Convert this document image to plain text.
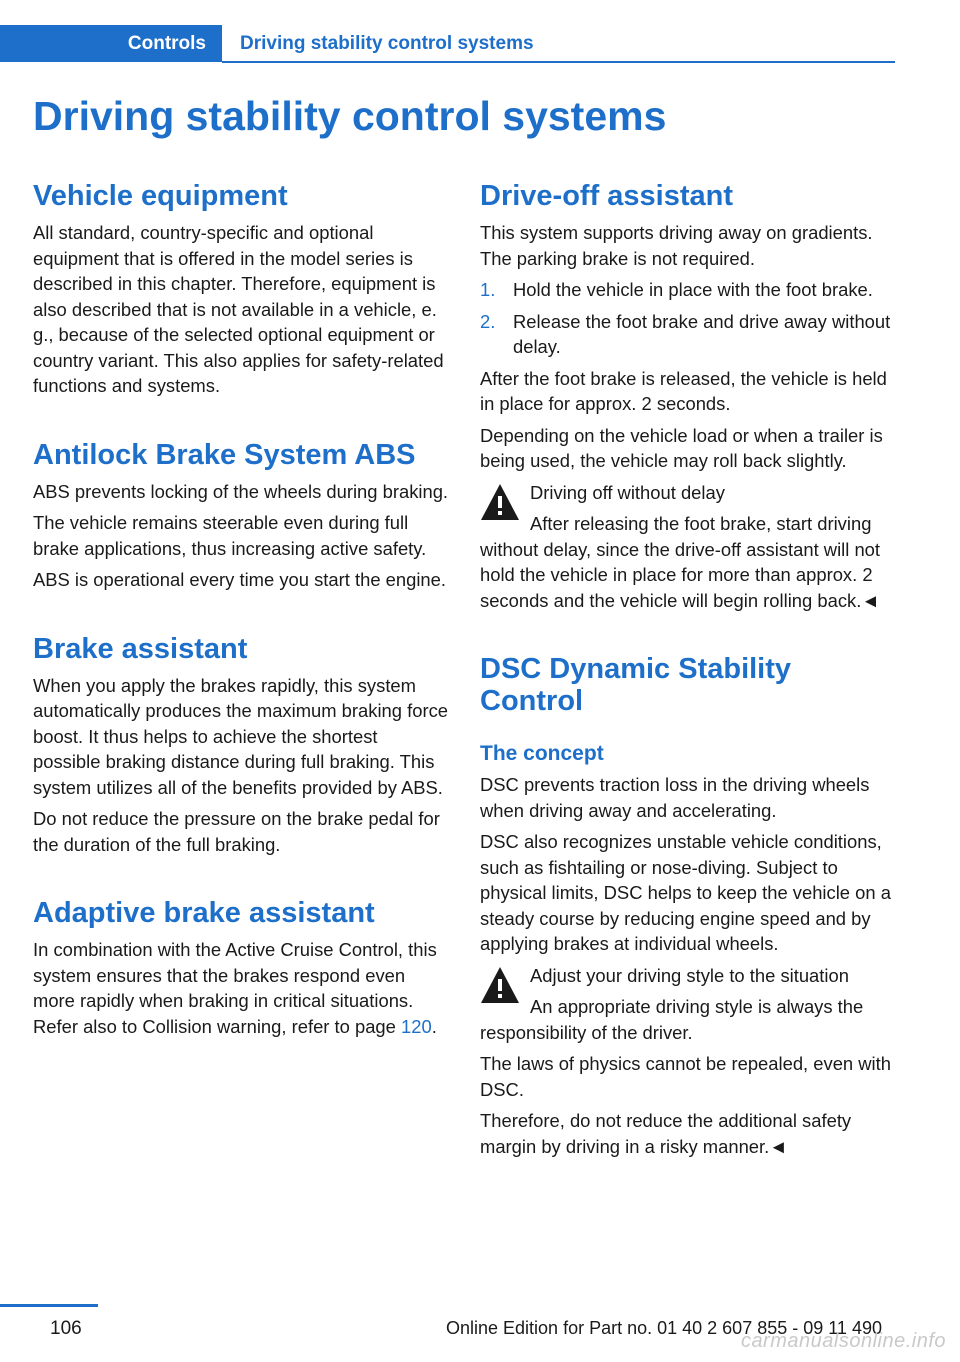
Controls Driving stability control systems
Driving stability control systems
Vehicle equipment

All standard, country-specific and optional equipment that is offered in the model series is described in this chapter. Therefore, equipment is also described that is not available in a vehicle, e. g., because of the selected optional equipment or country variant. This also applies for safety-related functions and systems.

Antilock Brake System ABS

ABS prevents locking of the wheels during braking.

The vehicle remains steerable even during full brake applications, thus increasing active safety.

ABS is operational every time you start the engine.

Brake assistant

When you apply the brakes rapidly, this system automatically produces the maximum braking force boost. It thus helps to achieve the shortest possible braking distance during full braking. This system utilizes all of the benefits provided by ABS.

Do not reduce the pressure on the brake pedal for the duration of the full braking.

Adaptive brake assistant

In combination with the Active Cruise Control, this system ensures that the brakes respond even more rapidly when braking in critical situations. Refer also to Collision warning, refer to page 120.

Drive-off assistant

This system supports driving away on gradients. The parking brake is not required.

1. Hold the vehicle in place with the foot brake.
2. Release the foot brake and drive away without delay.

After the foot brake is released, the vehicle is held in place for approx. 2 seconds.

Depending on the vehicle load or when a trailer is being used, the vehicle may roll back slightly.

Driving off without delay
After releasing the foot brake, start driving without delay, since the drive-off assistant will not hold the vehicle in place for more than approx. 2 seconds and the vehicle will begin rolling back.◄
DSC Dynamic Stability Control
The concept

DSC prevents traction loss in the driving wheels when driving away and accelerating.

DSC also recognizes unstable vehicle conditions, such as fishtailing or nose-diving. Subject to physical limits, DSC helps to keep the vehicle on a steady course by reducing engine speed and by applying brakes at individual wheels.

Adjust your driving style to the situation
An appropriate driving style is always the responsibility of the driver.

The laws of physics cannot be repealed, even with DSC.

Therefore, do not reduce the additional safety margin by driving in a risky manner.◄

106	Online Edition for Part no. 01 40 2 607 855 - 09 11 490
carmanualsonline.info
